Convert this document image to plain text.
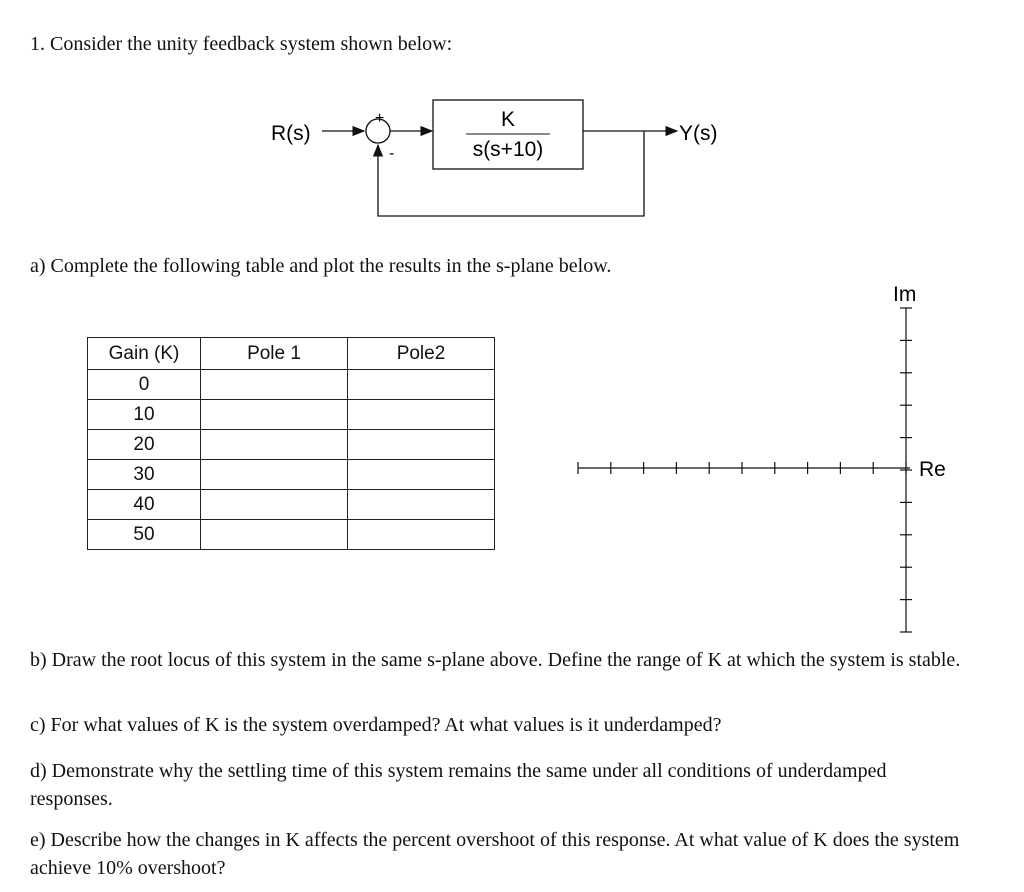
1. Consider the unity feedback system shown below:
R(s)
+
-
K
s(s+10)
Y(s)
a) Complete the following table and plot the results in the s-plane below.
Gain (K)	Pole 1	Pole2
0		
10		
20		
30		
40		
50		
Im
Re
b) Draw the root locus of this system in the same s-plane above. Define the range of K at which the system is stable.
c) For what values of K is the system overdamped? At what values is it underdamped?
d) Demonstrate why the settling time of this system remains the same under all conditions of underdamped responses.
e) Describe how the changes in K affects the percent overshoot of this response. At what value of K does the system achieve 10% overshoot?
